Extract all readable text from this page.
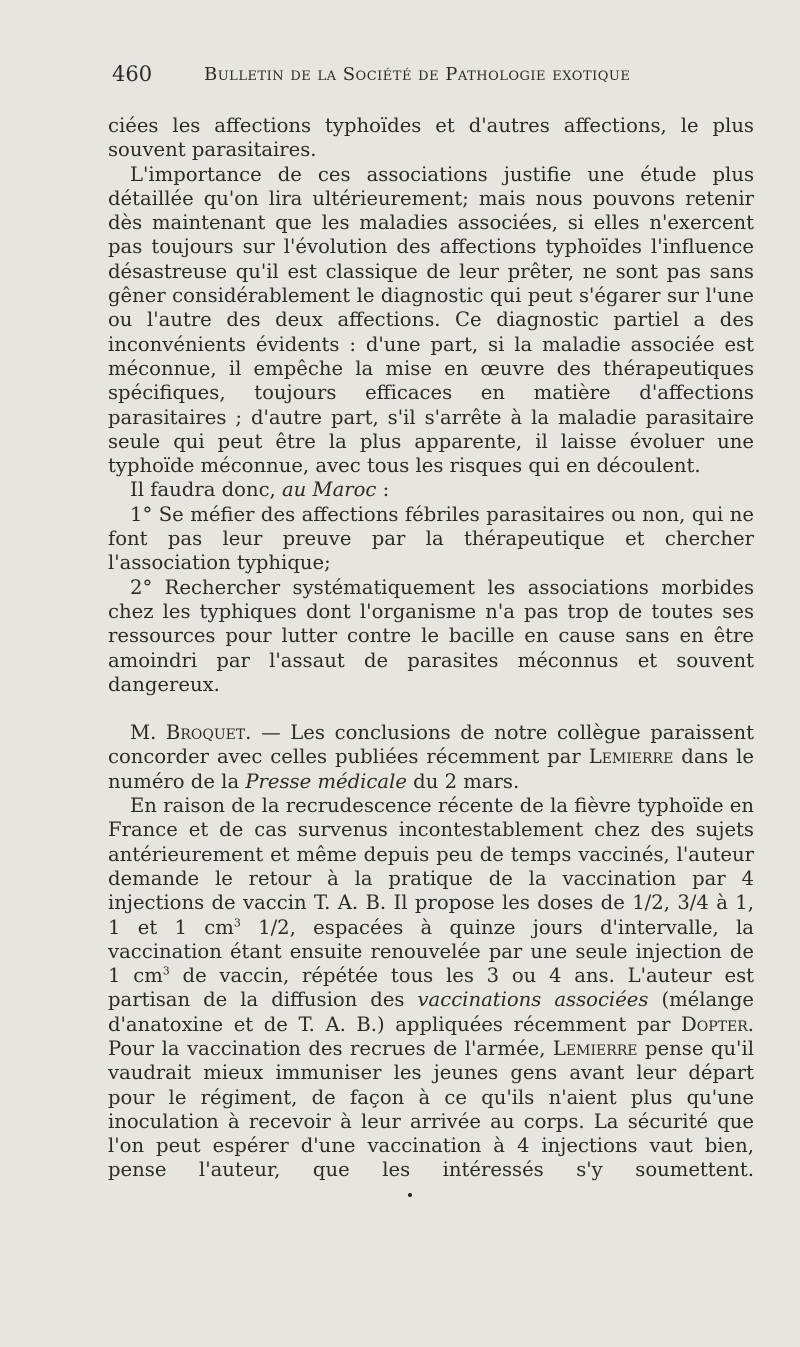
460	Bulletin de la Société de Pathologie exotique

ciées les affections typhoïdes et d'autres affections, le plus souvent parasitaires.

L'importance de ces associations justifie une étude plus détaillée qu'on lira ultérieurement; mais nous pouvons retenir dès maintenant que les maladies associées, si elles n'exercent pas toujours sur l'évolution des affections typhoïdes l'influence désastreuse qu'il est classique de leur prêter, ne sont pas sans gêner considérablement le diagnostic qui peut s'égarer sur l'une ou l'autre des deux affections. Ce diagnostic partiel a des inconvénients évidents : d'une part, si la maladie associée est méconnue, il empêche la mise en œuvre des thérapeutiques spécifiques, toujours efficaces en matière d'affections parasitaires ; d'autre part, s'il s'arrête à la maladie parasitaire seule qui peut être la plus apparente, il laisse évoluer une typhoïde méconnue, avec tous les risques qui en découlent.

Il faudra donc, au Maroc :

1° Se méfier des affections fébriles parasitaires ou non, qui ne font pas leur preuve par la thérapeutique et chercher l'association typhique;

2° Rechercher systématiquement les associations morbides chez les typhiques dont l'organisme n'a pas trop de toutes ses ressources pour lutter contre le bacille en cause sans en être amoindri par l'assaut de parasites méconnus et souvent dangereux.

M. Broquet. — Les conclusions de notre collègue paraissent concorder avec celles publiées récemment par Lemierre dans le numéro de la Presse médicale du 2 mars.

En raison de la recrudescence récente de la fièvre typhoïde en France et de cas survenus incontestablement chez des sujets antérieurement et même depuis peu de temps vaccinés, l'auteur demande le retour à la pratique de la vaccination par 4 injections de vaccin T. A. B. Il propose les doses de 1/2, 3/4 à 1, 1 et 1 $cm^3$ 1/2, espacées à quinze jours d'intervalle, la vaccination étant ensuite renouvelée par une seule injection de 1 $cm^3$ de vaccin, répétée tous les 3 ou 4 ans. L'auteur est partisan de la diffusion des vaccinations associées (mélange d'anatoxine et de T. A. B.) appliquées récemment par Dopter. Pour la vaccination des recrues de l'armée, Lemierre pense qu'il vaudrait mieux immuniser les jeunes gens avant leur départ pour le régiment, de façon à ce qu'ils n'aient plus qu'une inoculation à recevoir à leur arrivée au corps. La sécurité que l'on peut espérer d'une vaccination à 4 injections vaut bien, pense l'auteur, que les intéressés s'y soumettent.
